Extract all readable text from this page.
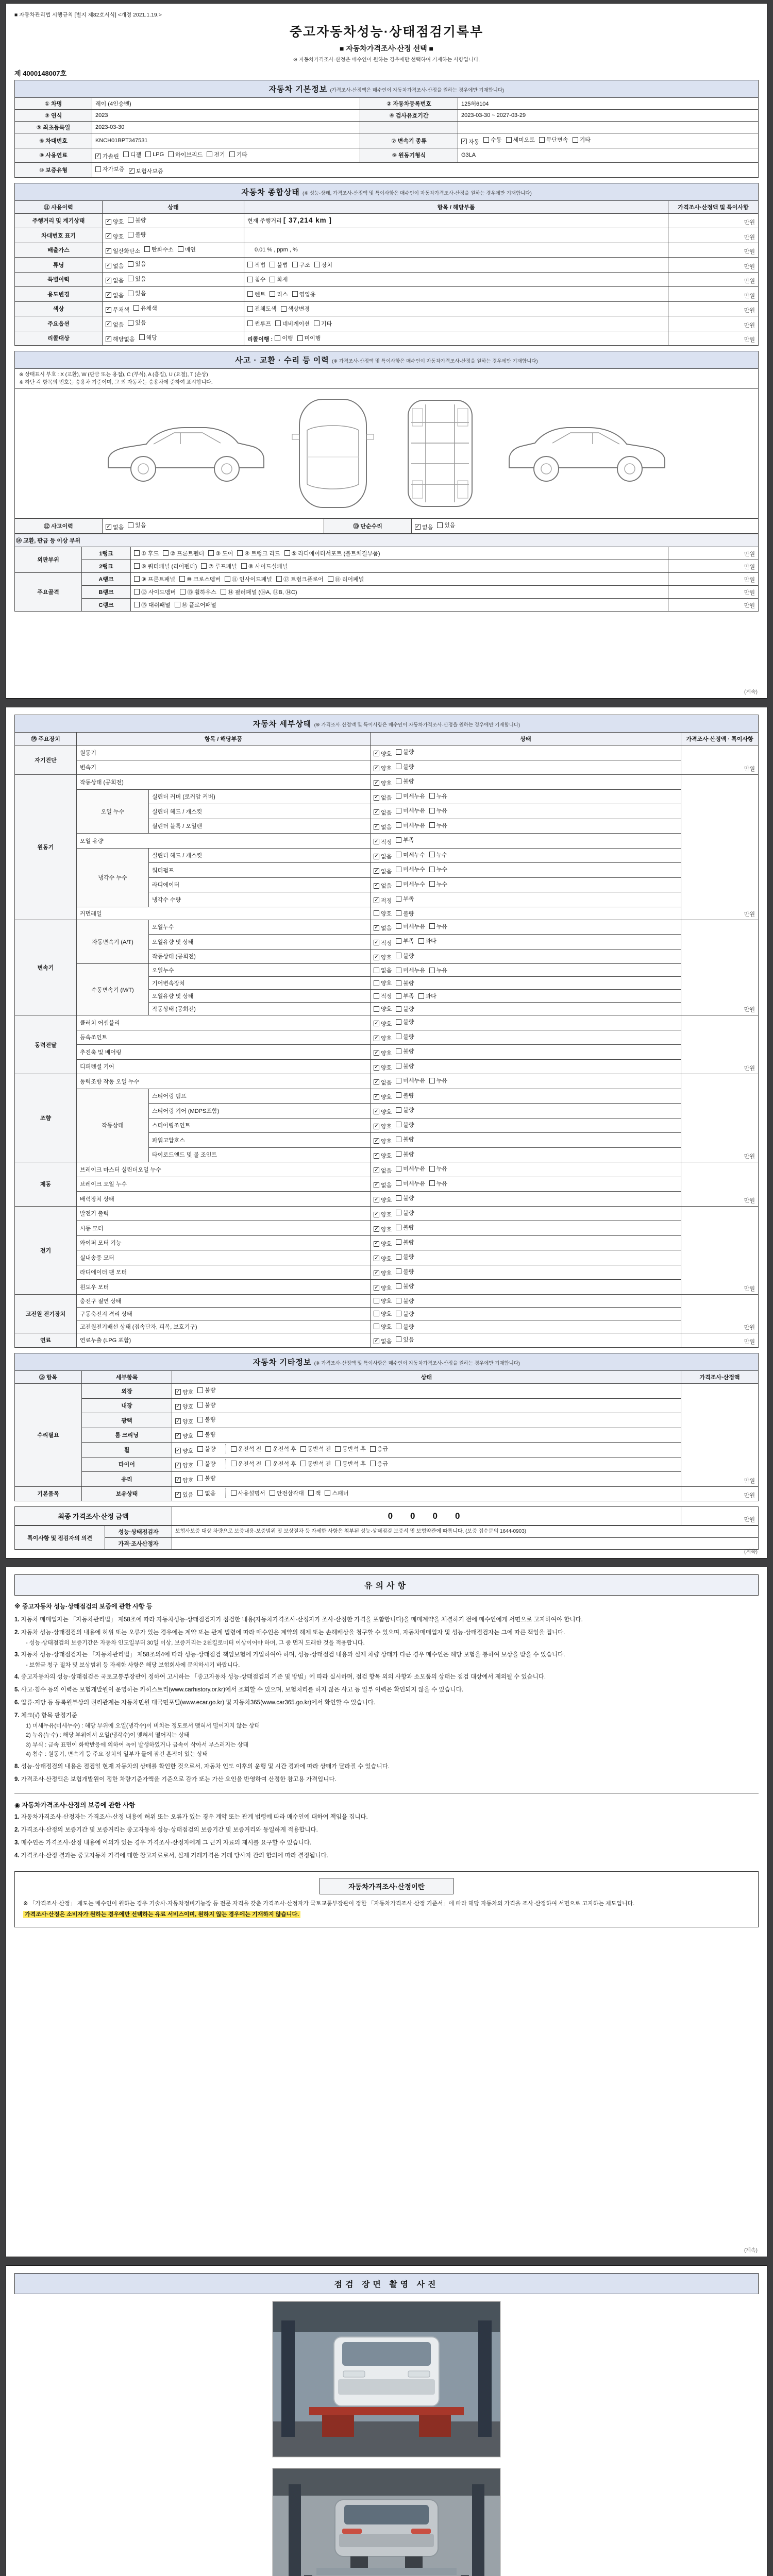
■ 자동차관리법 시행규칙 [별지 제82호서식] <개정 2021.1.19.>
중고자동차성능·상태점검기록부
■ 자동차가격조사·산정 선택 ■
※ 자동차가격조사·산정은 매수인이 원하는 경우에만 선택하여 기재하는 사항입니다.
제 4000148007호
자동차 기본정보 (가격조사·산정액은 매수인이 자동차가격조사·산정을 원하는 경우에만 기재합니다)			
① 차명	레이 (4인승밴)	② 자동차등록번호	125허6104
③ 연식	2023	④ 검사유효기간	2023-03-30 ~ 2027-03-29
⑤ 최초등록일	2023-03-30		
⑥ 차대번호	KNCH01BPT347531	⑦ 변속기 종류	✓ 자동 수동 세미오토 무단변속 기타

⑧ 사용연료	✓ 가솔린 디젤 LPG 하이브리드 전기 기타	⑨ 원동기형식	G3LA
⑩ 보증유형	자가보증 ✓ 보험사보증		
자동차 종합상태 (※ 성능·상태, 가격조사·산정액 및 특이사항은 매수인이 자동차가격조사·산정을 원하는 경우에만 기재합니다)			
⑪ 사용이력	상태	항목 / 해당부품	가격조사·산정액 및 특이사항
주행거리 및 계기상태	✓ 양호 불량	현재 주행거리 [ 37,214 km ]	만원
차대번호 표기	✓ 양호 불량		만원
배출가스	✓ 일산화탄소 탄화수소 매연	0.01 % , ppm , %	만원
튜닝	✓ 없음 있음	적법 불법 구조 장치	만원
특별이력	✓ 없음 있음	침수 화재	만원
용도변경	✓ 없음 있음	렌트 리스 영업용	만원
색상	✓ 무채색 유채색	전체도색 색상변경	만원
주요옵션	✓ 없음 있음	썬루프 네비게이션 기타	만원
리콜대상	✓ 해당없음 해당	리콜이행 : 이행 미이행	만원
사고 · 교환 · 수리 등 이력 (※ 가격조사·산정액 및 특이사항은 매수인이 자동차가격조사·산정을 원하는 경우에만 기재합니다)
※ 상태표시 부호 : X (교환), W (판금 또는 용접), C (부식), A (흠집), U (요철), T (손상)
※ 하단 각 항목의 번호는 승용차 기준이며, 그 외 자동차는 승용차에 준하여 표시합니다.
⑫ 사고이력	✓ 없음 있음	⑬ 단순수리	✓ 없음 있음
⑭ 교환, 판금 등 이상 부위			
외판부위	1랭크	① 후드 ② 프론트펜더 ③ 도어 ④ 트렁크 리드 ⑤ 라디에이터서포트 (볼트체결부품)	만원
	2랭크	⑥ 쿼터패널 (리어펜더) ⑦ 루프패널 ⑧ 사이드실패널	만원
주요골격	A랭크	⑨ 프론트패널 ⑩ 크로스멤버 ⑪ 인사이드패널 ⑰ 트렁크플로어 ⑱ 리어패널	만원
	B랭크	⑫ 사이드멤버 ⑬ 휠하우스 ⑭ 필러패널 (⑭A, ⑭B, ⑭C)	만원
	C랭크	⑮ 대쉬패널 ⑯ 플로어패널	만원
(계속)
자동차 세부상태 (※ 가격조사·산정액 및 특이사항은 매수인이 자동차가격조사·산정을 원하는 경우에만 기재합니다)				
⑮ 주요장치	항목 / 해당부품		상태	가격조사·산정액 · 특이사항
자기진단	원동기		✓ 양호 불량	만원
	변속기		✓ 양호 불량	

원동기	작동상태 (공회전)		✓ 양호 불량	만원
	오일 누수	실린더 커버 (로커암 커버)	✓ 없음 미세누유 누유	

		실린더 헤드 / 개스킷	✓ 없음 미세누유 누유	

		실린더 블록 / 오일팬	✓ 없음 미세누유 누유	

	오일 유량		✓ 적정 부족	

	냉각수 누수	실린더 헤드 / 개스킷	✓ 없음 미세누수 누수	

		워터펌프	✓ 없음 미세누수 누수	

		라디에이터	✓ 없음 미세누수 누수	

		냉각수 수량	✓ 적정 부족	

	커먼레일		양호 불량	

변속기	자동변속기 (A/T)	오일누수	✓ 없음 미세누유 누유	만원
		오일유량 및 상태	✓ 적정 부족 과다	

		작동상태 (공회전)	✓ 양호 불량	

	수동변속기 (M/T)	오일누수	없음 미세누유 누유	

		기어변속장치	양호 불량	

		오일유량 및 상태	적정 부족 과다	

		작동상태 (공회전)	양호 불량	

동력전달	클러치 어셈블리		✓ 양호 불량	만원
	등속조인트		✓ 양호 불량	

	추진축 및 베어링		✓ 양호 불량	

	디퍼렌셜 기어		✓ 양호 불량	

조향	동력조향 작동 오일 누수		✓ 없음 미세누유 누유	만원
	작동상태	스티어링 펌프	✓ 양호 불량	

		스티어링 기어 (MDPS포함)	✓ 양호 불량	

		스티어링조인트	✓ 양호 불량	

		파워고압호스	✓ 양호 불량	

		타이로드엔드 및 볼 조인트	✓ 양호 불량	

제동	브레이크 마스터 실린더오일 누수		✓ 없음 미세누유 누유	만원
	브레이크 오일 누수		✓ 없음 미세누유 누유	

	배력장치 상태		✓ 양호 불량	

전기	발전기 출력		✓ 양호 불량	만원
	시동 모터		✓ 양호 불량	

	와이퍼 모터 기능		✓ 양호 불량	

	실내송풍 모터		✓ 양호 불량	

	라디에이터 팬 모터		✓ 양호 불량	

	윈도우 모터		✓ 양호 불량	

고전원 전기장치	충전구 절연 상태		양호 불량	만원
	구동축전지 격리 상태		양호 불량	

	고전원전기배선 상태 (접속단자, 피복, 보호기구)		양호 불량	

연료	연료누출 (LPG 포함)		✓ 없음 있음	만원
자동차 기타정보 (※ 가격조사·산정액 및 특이사항은 매수인이 자동차가격조사·산정을 원하는 경우에만 기재합니다)			
⑯ 항목	세부항목	상태	가격조사·산정액
수리필요	외장	✓ 양호 불량	만원
	내장	✓ 양호 불량	

	광택	✓ 양호 불량	

	룸 크리닝	✓ 양호 불량	

휠	✓ 양호 불량	운전석 전 운전석 후 동반석 전 동반석 후 응급

타이어	✓ 양호 불량	운전석 전 운전석 후 동반석 전 동반석 후 응급

	유리	✓ 양호 불량	

기본품목	보유상태	✓ 있음 없음	사용설명서 안전삼각대 잭 스패너	만원
최종 가격조사·산정 금액	0000	만원
특이사항 및 점검자의 의견	성능·상태점검자	보험사보증 대상 차량으로 보증내용·보증범위 및 보상절차 등 자세한 사항은 첨부된 성능·상태점검 보증서 및 보험약관에 따릅니다. (보증 접수문의 1644-0903)
	가격·조사산정자	
(계속)
유의사항
※ 중고자동차 성능·상태점검의 보증에 관한 사항 등
1. 자동차 매매업자는 「자동차관리법」 제58조에 따라 자동차성능·상태점검자가 점검한 내용(자동차가격조사·산정자가 조사·산정한 가격을 포함합니다)을 매매계약을 체결하기 전에 매수인에게 서면으로 고지하여야 합니다.
2. 자동차 성능·상태점검의 내용에 허위 또는 오류가 있는 경우에는 계약 또는 관계 법령에 따라 매수인은 계약의 해제 또는 손해배상을 청구할 수 있으며, 자동차매매업자 및 성능·상태점검자는 그에 따른 책임을 집니다.
- 성능·상태점검의 보증기간은 자동차 인도일부터 30일 이상, 보증거리는 2천킬로미터 이상이어야 하며, 그 중 먼저 도래한 것을 적용합니다.
3. 자동차 성능·상태점검자는 「자동차관리법」 제58조의4에 따라 성능·상태점검 책임보험에 가입하여야 하며, 성능·상태점검 내용과 실제 차량 상태가 다른 경우 매수인은 해당 보험을 통하여 보상을 받을 수 있습니다.
- 보험금 청구 절차 및 보상범위 등 자세한 사항은 해당 보험회사에 문의하시기 바랍니다.
4. 중고자동차의 성능·상태점검은 국토교통부장관이 정하여 고시하는 「중고자동차 성능·상태점검의 기준 및 방법」에 따라 실시하며, 점검 항목 외의 사항과 소모품의 상태는 점검 대상에서 제외될 수 있습니다.
5. 사고·침수 등의 이력은 보험개발원이 운영하는 카히스토리(www.carhistory.or.kr)에서 조회할 수 있으며, 보험처리를 하지 않은 사고 등 일부 이력은 확인되지 않을 수 있습니다.
6. 압류·저당 등 등록원부상의 권리관계는 자동차민원 대국민포털(www.ecar.go.kr) 및 자동차365(www.car365.go.kr)에서 확인할 수 있습니다.
7. 체크(√) 항목 판정기준
1) 미세누유(미세누수) : 해당 부위에 오일(냉각수)이 비치는 정도로서 맺혀서 떨어지지 않는 상태
2) 누유(누수) : 해당 부위에서 오일(냉각수)이 맺혀서 떨어지는 상태
3) 부식 : 금속 표면이 화학반응에 의하여 녹이 발생하였거나 금속이 삭아서 부스러지는 상태
4) 침수 : 원동기, 변속기 등 주요 장치의 일부가 물에 잠긴 흔적이 있는 상태
8. 성능·상태점검의 내용은 점검일 현재 자동차의 상태를 확인한 것으로서, 자동차 인도 이후의 운행 및 시간 경과에 따라 상태가 달라질 수 있습니다.
9. 가격조사·산정액은 보험개발원이 정한 차량기준가액을 기준으로 감가 또는 가산 요인을 반영하여 산정한 참고용 가격입니다.
◉ 자동차가격조사·산정의 보증에 관한 사항
1. 자동차가격조사·산정자는 가격조사·산정 내용에 허위 또는 오류가 있는 경우 계약 또는 관계 법령에 따라 매수인에 대하여 책임을 집니다.
2. 가격조사·산정의 보증기간 및 보증거리는 중고자동차 성능·상태점검의 보증기간 및 보증거리와 동일하게 적용합니다.
3. 매수인은 가격조사·산정 내용에 이의가 있는 경우 가격조사·산정자에게 그 근거 자료의 제시를 요구할 수 있습니다.
4. 가격조사·산정 결과는 중고자동차 가격에 대한 참고자료로서, 실제 거래가격은 거래 당사자 간의 합의에 따라 결정됩니다.
자동차가격조사·산정이란
※ 「가격조사·산정」 제도는 매수인이 원하는 경우 기술사·자동차정비기능장 등 전문 자격을 갖춘 가격조사·산정자가 국토교통부장관이 정한 「자동차가격조사·산정 기준서」에 따라 해당 자동차의 가격을 조사·산정하여 서면으로 고지하는 제도입니다.
가격조사·산정은 소비자가 원하는 경우에만 선택하는 유료 서비스이며, 원하지 않는 경우에는 기재하지 않습니다.
(계속)
점검 장면 촬영 사진
